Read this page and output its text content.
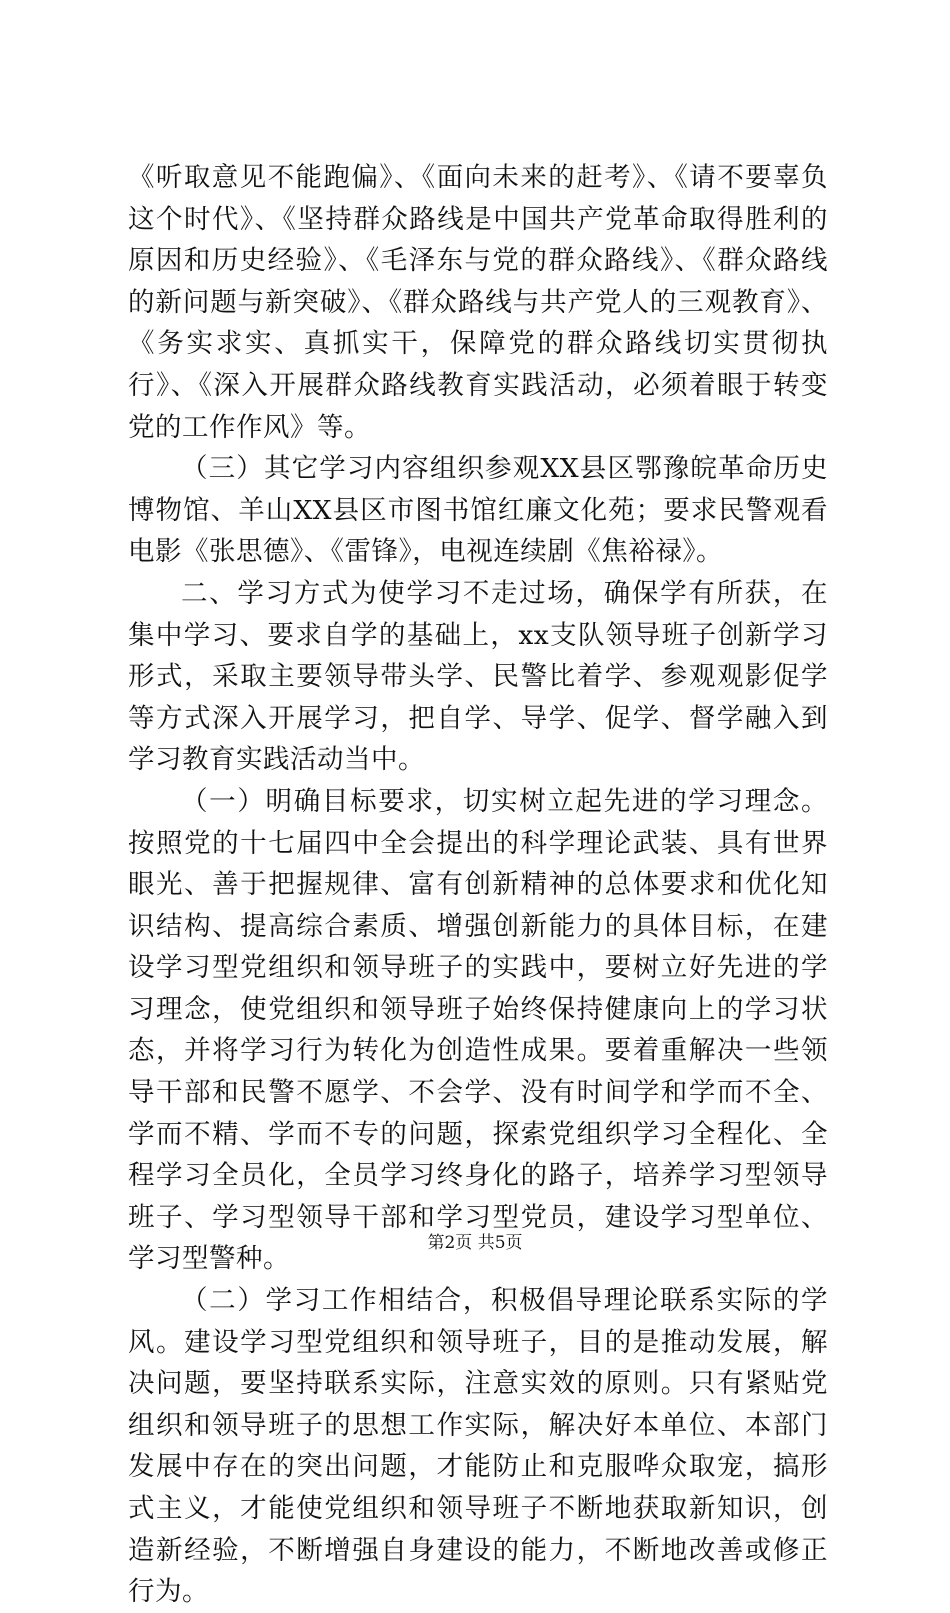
《听取意见不能跑偏》、《面向未来的赶考》、《请不要辜负这个时代》、《坚持群众路线是中国共产党革命取得胜利的原因和历史经验》、《毛泽东与党的群众路线》、《群众路线的新问题与新突破》、《群众路线与共产党人的三观教育》、《务实求实、真抓实干，保障党的群众路线切实贯彻执行》、《深入开展群众路线教育实践活动，必须着眼于转变党的工作作风》等。

（三）其它学习内容组织参观XX县区鄂豫皖革命历史博物馆、羊山XX县区市图书馆红廉文化苑；要求民警观看电影《张思德》、《雷锋》，电视连续剧《焦裕禄》。

二、学习方式为使学习不走过场，确保学有所获，在集中学习、要求自学的基础上，xx支队领导班子创新学习形式，采取主要领导带头学、民警比着学、参观观影促学等方式深入开展学习，把自学、导学、促学、督学融入到学习教育实践活动当中。

（一）明确目标要求，切实树立起先进的学习理念。按照党的十七届四中全会提出的科学理论武装、具有世界眼光、善于把握规律、富有创新精神的总体要求和优化知识结构、提高综合素质、增强创新能力的具体目标，在建设学习型党组织和领导班子的实践中，要树立好先进的学习理念，使党组织和领导班子始终保持健康向上的学习状态，并将学习行为转化为创造性成果。要着重解决一些领导干部和民警不愿学、不会学、没有时间学和学而不全、学而不精、学而不专的问题，探索党组织学习全程化、全程学习全员化，全员学习终身化的路子，培养学习型领导班子、学习型领导干部和学习型党员，建设学习型单位、学习型警种。

（二）学习工作相结合，积极倡导理论联系实际的学风。建设学习型党组织和领导班子，目的是推动发展，解决问题，要坚持联系实际，注意实效的原则。只有紧贴党组织和领导班子的思想工作实际，解决好本单位、本部门发展中存在的突出问题，才能防止和克服哗众取宠，搞形式主义，才能使党组织和领导班子不断地获取新知识，创造新经验，不断增强自身建设的能力，不断地改善或修正行为。

第2页 共5页
